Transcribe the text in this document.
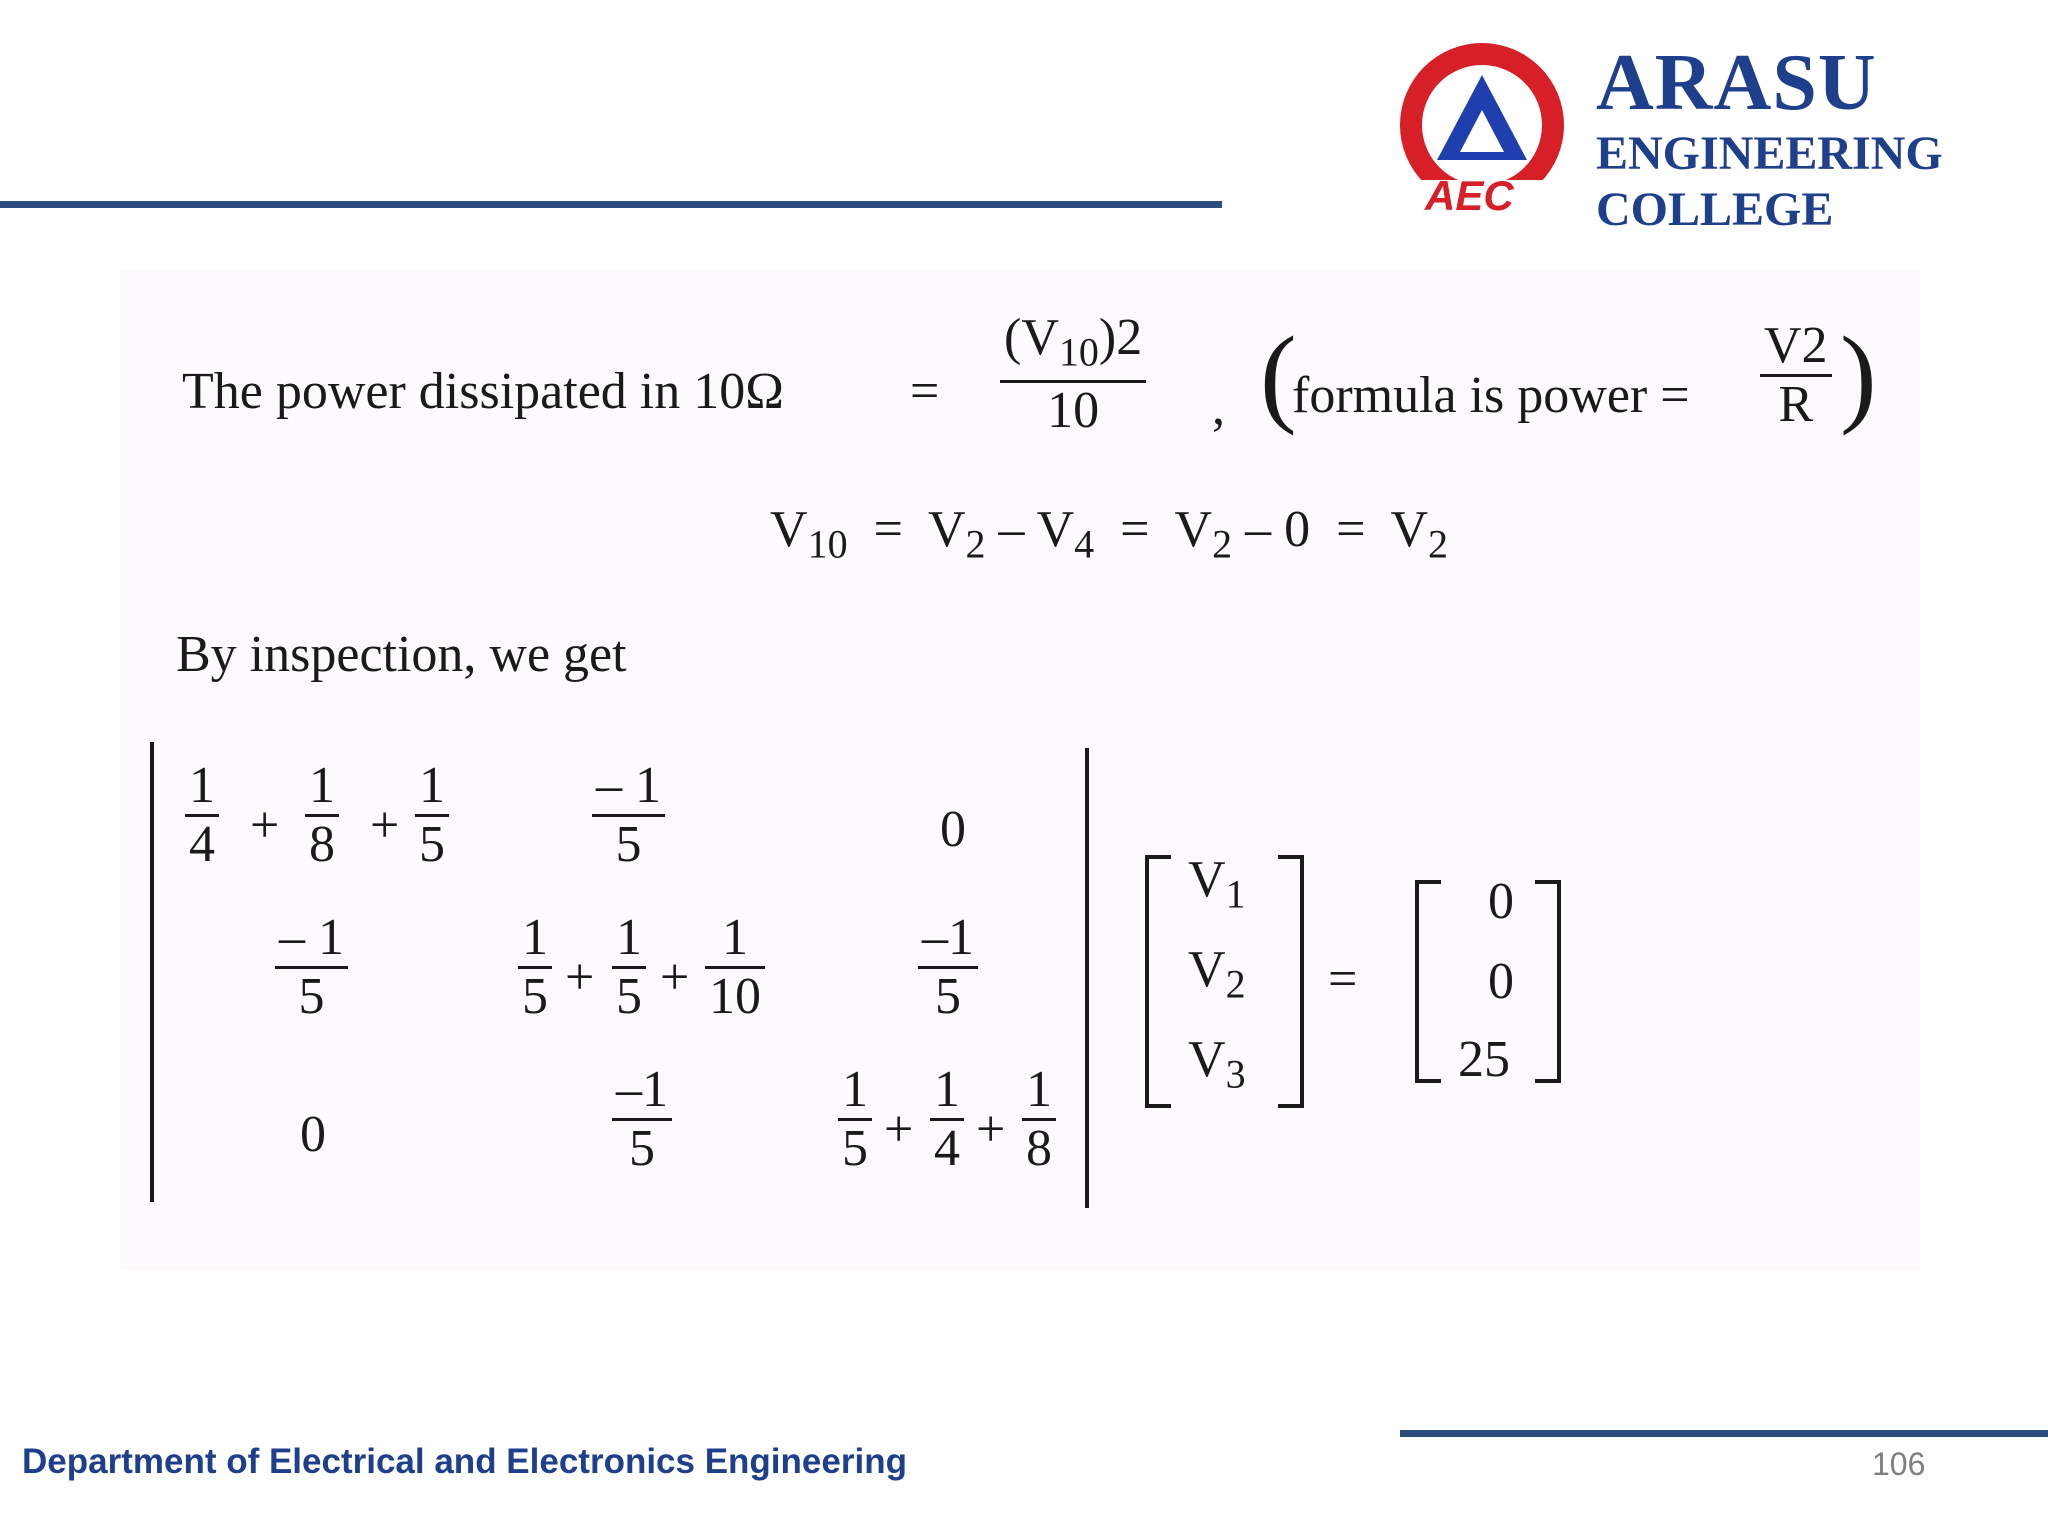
AEC
ARASU
ENGINEERING
COLLEGE
The power dissipated in 10Ω =
$(V_{10})2$
10 , (
formula is power =
V2
R )
$V_{10} = V_2 - V_4 = V_2 - 0 = V_2$
By inspection, we get
1
4 +
1
8 +
1
5
– 1
5	0
– 1
5
1
5 +
1
5 +
1
10
–1
5
0
–1
5
1
5 +
1
4 +
1
8
$V_1$
$V_2$
$V_3$
=
0
0
25
Department of Electrical and Electronics Engineering	106
